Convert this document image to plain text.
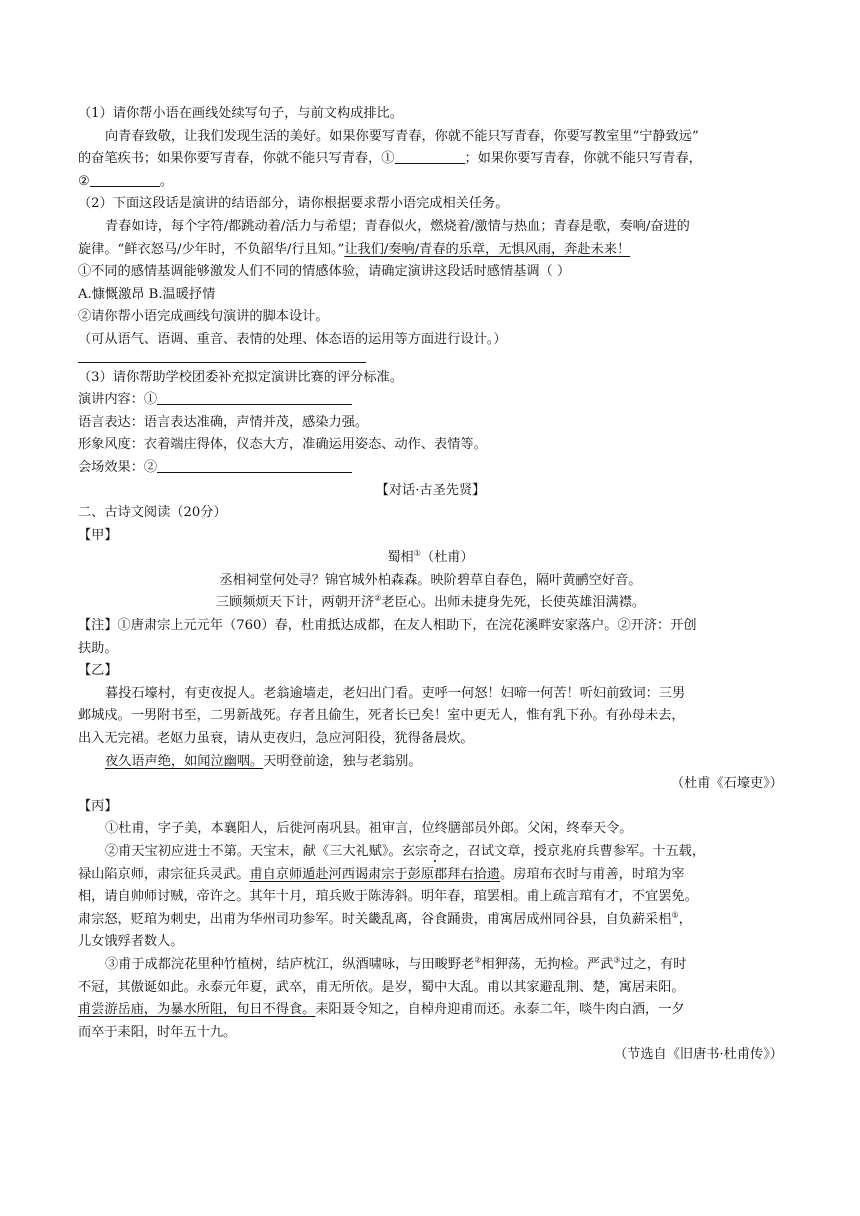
（1）请你帮小语在画线处续写句子，与前文构成排比。
向青春致敬，让我们发现生活的美好。如果你要写青春，你就不能只写青春，你要写教室里“宁静致远”
的奋笔疾书；如果你要写青春，你就不能只写青春，①	；如果你要写青春，你就不能只写青春，
②	。
（2）下面这段话是演讲的结语部分，请你根据要求帮小语完成相关任务。
青春如诗，每个字符/都跳动着/活力与希望；青春似火，燃烧着/激情与热血；青春是歌，奏响/奋进的
旋律。“鲜衣怒马/少年时，不负韶华/行且知。”让我们/奏响/青春的乐章，无惧风雨，奔赴未来！
①不同的感情基调能够激发人们不同的情感体验，请确定演讲这段话时感情基调（ ）
A.慷慨激昂 B.温暖抒情
②请你帮小语完成画线句演讲的脚本设计。
（可从语气、语调、重音、表情的处理、体态语的运用等方面进行设计。）
（3）请你帮助学校团委补充拟定演讲比赛的评分标准。
演讲内容：①
语言表达：语言表达准确，声情并茂，感染力强。
形象风度：衣着端庄得体，仪态大方，准确运用姿态、动作、表情等。
会场效果：②
【对话·古圣先贤】
二、古诗文阅读（20分）
【甲】
蜀相①（杜甫）
丞相祠堂何处寻？锦官城外柏森森。映阶碧草自春色，隔叶黄鹂空好音。
三顾频烦天下计，两朝开济②老臣心。出师未捷身先死，长使英雄泪满襟。
【注】①唐肃宗上元元年（760）春，杜甫抵达成都，在友人相助下，在浣花溪畔安家落户。②开济：开创
扶助。
【乙】
暮投石壕村，有吏夜捉人。老翁逾墙走，老妇出门看。吏呼一何怒！妇啼一何苦！听妇前致词：三男
邺城戍。一男附书至，二男新战死。存者且偷生，死者长已矣！室中更无人，惟有乳下孙。有孙母未去，
出入无完裙。老妪力虽衰，请从吏夜归，急应河阳役，犹得备晨炊。
夜久语声绝，如闻泣幽咽。天明登前途，独与老翁别。
（杜甫《石壕吏》）
【丙】
①杜甫，字子美，本襄阳人，后徙河南巩县。祖审言，位终膳部员外郎。父闲，终奉天令。
②甫天宝初应进士不第。天宝末，献《三大礼赋》。玄宗奇之，召试文章，授京兆府兵曹参军。十五载，
禄山陷京师，肃宗征兵灵武。甫自京师遁赴河西谒肃宗于彭原郡拜右拾遗。房琯布衣时与甫善，时琯为宰
相，请自帅师讨贼，帝许之。其年十月，琯兵败于陈涛斜。明年春，琯罢相。甫上疏言琯有才，不宜罢免。
肃宗怒，贬琯为刺史，出甫为华州司功参军。时关畿乱离，谷食踊贵，甫寓居成州同谷县，自负薪采梠①，
儿女饿殍者数人。
③甫于成都浣花里种竹植树，结庐枕江，纵酒啸咏，与田畯野老②相狎荡，无拘检。严武③过之，有时
不冠，其傲诞如此。永泰元年夏，武卒，甫无所依。是岁，蜀中大乱。甫以其家避乱荆、楚，寓居耒阳。
甫尝游岳庙，为暴水所阻，旬日不得食。耒阳聂令知之，自棹舟迎甫而还。永泰二年，啖牛肉白酒，一夕
而卒于耒阳，时年五十九。
（节选自《旧唐书·杜甫传》）
